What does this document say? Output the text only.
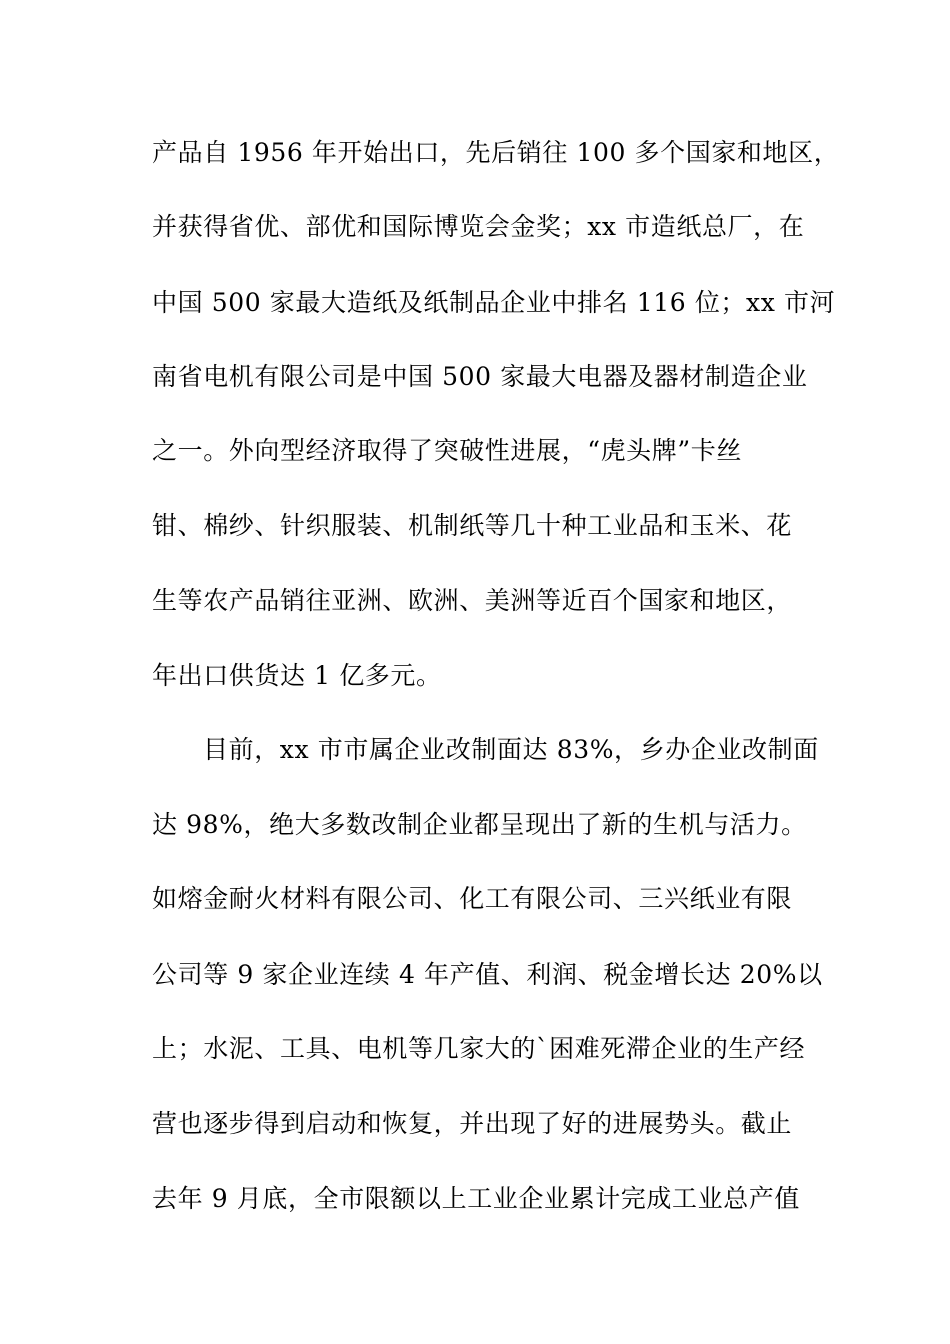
产品自 1956 年开始出口，先后销往 100 多个国家和地区，
并获得省优、部优和国际博览会金奖；xx 市造纸总厂，在
中国 500 家最大造纸及纸制品企业中排名 116 位；xx 市河
南省电机有限公司是中国 500 家最大电器及器材制造企业
之一。外向型经济取得了突破性进展，“虎头牌”卡丝
钳、棉纱、针织服装、机制纸等几十种工业品和玉米、花
生等农产品销往亚洲、欧洲、美洲等近百个国家和地区，
年出口供货达 1 亿多元。
目前，xx 市市属企业改制面达 83%，乡办企业改制面
达 98%，绝大多数改制企业都呈现出了新的生机与活力。
如熔金耐火材料有限公司、化工有限公司、三兴纸业有限
公司等 9 家企业连续 4 年产值、利润、税金增长达 20%以
上；水泥、工具、电机等几家大的`困难死滞企业的生产经
营也逐步得到启动和恢复，并出现了好的进展势头。截止
去年 9 月底，全市限额以上工业企业累计完成工业总产值
